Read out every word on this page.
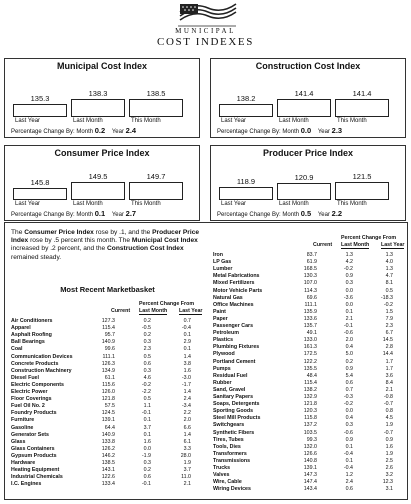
MUNICIPAL
COST INDEXES
Municipal Cost Index
135.3
Last Year
138.3
Last Month
138.5
This Month
Percentage Change By: Month 0.2 Year 2.4
Construction Cost Index
138.2
Last Year
141.4
Last Month
141.4
This Month
Percentage Change By: Month 0.0 Year 2.3
Consumer Price Index
145.8
Last Year
149.5
Last Month
149.7
This Month
Percentage Change By: Month 0.1 Year 2.7
Producer Price Index
118.9
Last Year
120.9
Last Month
121.5
This Month
Percentage Change By: Month 0.5 Year 2.2
The Consumer Price Index rose by .1, and the Producer Price Index rose by .5 percent this month. The Municipal Cost Index increased by .2 percent, and the Construction Cost Index remained steady.
Most Recent Marketbasket
Percent Change From
Current Last Month Last Year
Air Conditioners	127.3	0.2	0.7
Apparel	115.4	-0.5	-0.4
Asphalt Roofing	95.7	0.2	0.1
Ball Bearings	140.9	0.3	2.9
Coal	99.6	2.3	0.1
Communication Devices	111.1	0.5	1.4
Concrete Products	126.3	0.6	3.8
Construction Machinery	134.9	0.3	1.6
Diesel Fuel	61.1	4.6	-3.0
Electric Components	115.6	-0.2	-1.7
Electric Power	126.0	-2.2	1.4
Floor Coverings	121.8	0.5	2.4
Fuel Oil No. 2	57.5	1.1	-3.4
Foundry Products	124.5	-0.1	2.2
Furniture	139.1	0.1	2.0
Gasoline	64.4	3.7	6.6
Generator Sets	140.9	0.1	1.4
Glass	133.8	1.6	6.1
Glass Containers	126.2	0.0	3.3
Gypsum Products	146.2	-1.9	28.0
Hardware	138.5	0.3	1.9
Heating Equipment	143.1	0.2	3.7
Industrial Chemicals	122.6	0.6	11.0
I.C. Engines	133.4	-0.1	2.1
Percent Change From
Current Last Month Last Year
Iron	83.7	1.3	1.3
LP Gas	61.9	4.2	4.0
Lumber	168.5	-0.2	1.3
Metal Fabrications	130.3	0.9	4.7
Mixed Fertilizers	107.0	0.3	8.1
Motor Vehicle Parts	114.3	0.0	0.5
Natural Gas	69.6	-3.6	-18.3
Office Machines	111.1	0.0	-0.2
Paint	135.9	0.1	1.5
Paper	133.6	2.1	7.9
Passenger Cars	135.7	-0.1	2.3
Petroleum	49.1	-0.6	6.7
Plastics	133.0	2.0	14.5
Plumbing Fixtures	161.3	0.4	2.8
Plywood	172.5	5.0	14.4
Portland Cement	122.2	0.2	1.7
Pumps	135.5	0.9	1.7
Residual Fuel	48.4	5.4	3.6
Rubber	115.4	0.6	8.4
Sand, Gravel	138.2	0.7	2.1
Sanitary Papers	132.9	-0.3	-0.8
Soaps, Detergents	121.8	-0.2	-0.7
Sporting Goods	120.3	0.0	0.8
Steel Mill Products	115.8	0.4	4.5
Switchgears	137.2	0.3	1.9
Synthetic Fibers	103.5	-0.6	-0.7
Tires, Tubes	99.3	0.9	0.9
Tools, Dies	132.0	0.1	1.6
Transformers	126.6	-0.4	1.9
Transmissions	140.8	0.1	2.5
Trucks	139.1	-0.4	2.6
Valves	147.3	1.2	3.2
Wire, Cable	147.4	2.4	12.3
Wiring Devices	143.4	0.6	3.1
